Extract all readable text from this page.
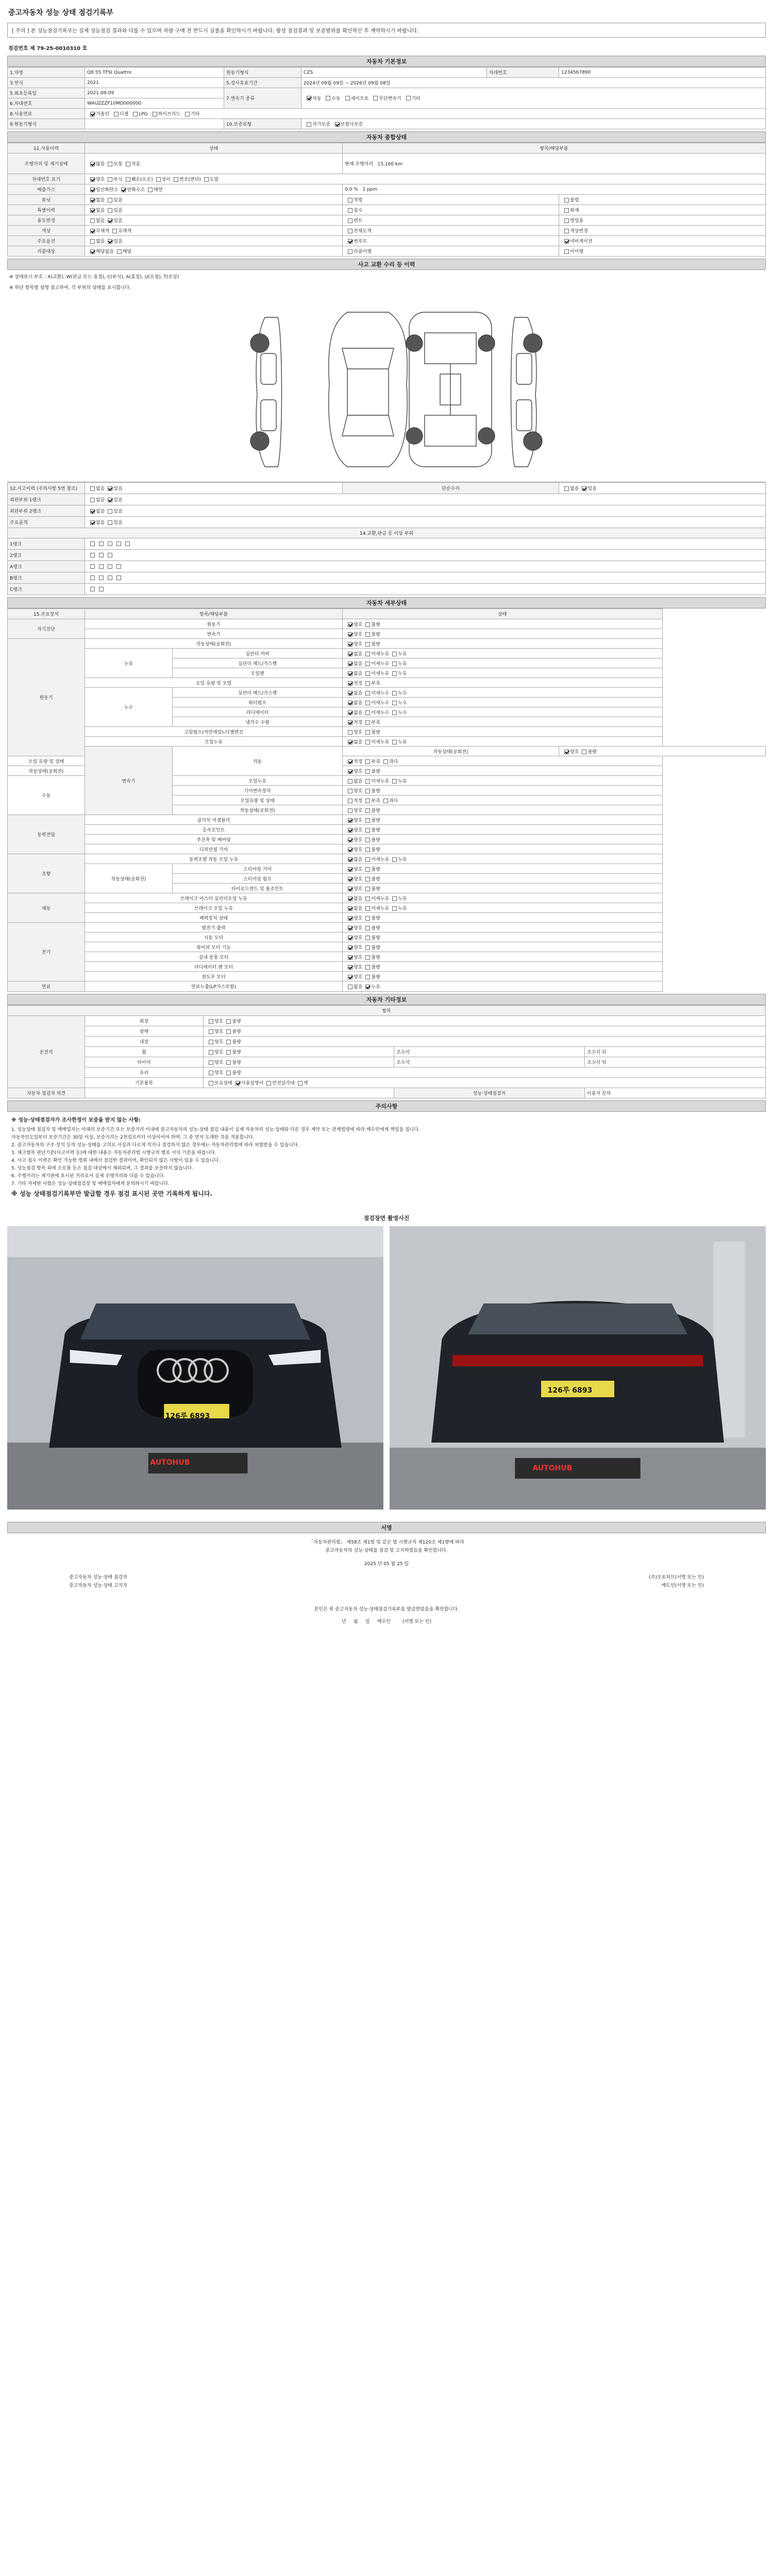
중고자동차 성능 상태 점검기록부
[ 주의 ] 본 성능점검기록부는 실제 성능점검 결과와 다를 수 있으며 차량 구매 전 반드시 실물을 확인하시기 바랍니다. 항상 점검결과 및 보증범위를 확인하신 후 계약하시기 바랍니다.
점검번호 제 79-25-0010310 호
자동차 기본정보
1.차명	Q8 55 TFSI Quattro	원동기형식	CZS	차대번호	1234567890
3.연식	2021	5.검사유효기간	2024년 09월 09일 ~ 2026년 09월 08일		
5.최초등록일	2021-09-09	7.변속기 종류	자동 수동 세미오토 무단변속기 기타		
6.차대번호	WAUZZZF10MD000000				
8.사용연료	가솔린 디젤 LPG 하이브리드 기타				
9.원동기형식		10.보증유형	자가보증 보험사보증		
자동차 종합상태
11.사용이력	상태	항목/해당부품	
주행거리 및 계기상태	많음 보통 적음	현재 주행거리 15,160 km	
차대번호 표기	양호 부식 훼손(오손) 상이 변조(변타) 도말		
배출가스	일산화탄소 탄화수소 매연	0.0 % 1 ppm	
튜닝	없음 있음	적법	불법
특별이력	없음 있음	침수	화재
용도변경	없음 있음	렌트	영업용
색상	무채색 유채색	전체도색	색상변경
주요옵션	없음 있음	썬루프	네비게이션
리콜대상	해당없음 해당	리콜이행	미이행
사고 교환 수리 등 이력
※ 상태표시 부호 : X(교환), W(판금 또는 용접), C(부식), A(흠집), U(요철), T(손상)
※ 하단 항목별 설명 참고하여, 각 부위의 상태를 표시합니다.
12.사고이력 (주의사항 5번 참조)	없음 있음	단순수리	없음 있음
외판부위 1랭크	없음 있음		
외판부위 2랭크	없음 있음		
주요골격	없음 있음		
14.교환,판금 등 이상 부위			
1랭크			
2랭크			
A랭크			
B랭크			
C랭크			
자동차 세부상태
15.주요장치	항목/해당부품		상태	
자기진단	원동기		양호 불량	
	변속기		양호 불량	
원동기	작동상태(공회전)		양호 불량	
	누유	실린더 커버	없음 미세누유 누유	
		실린더 헤드/가스켓	없음 미세누유 누유	
		오일팬	없음 미세누유 누유	
	오일 유량 및 오염		적정 부족	
	누수	실린더 헤드/가스켓	없음 미세누수 누수	
		워터펌프	없음 미세누수 누수	
		라디에이터	없음 미세누수 누수	
		냉각수 수량	적정 부족	
	고압펌프(커먼레일)-디젤엔진		양호 불량	
	오일누유		없음 미세누유 누유	
	변속기	자동	작동상태(공회전)	양호 불량
오일 유량 및 상태			적정 부족 과다	
작동상태(공회전)			양호 불량	
수동		오일누유	없음 미세누유 누유	
		기어변속장치	양호 불량	
		오일유량 및 상태	적정 부족 과다	
		작동상태(공회전)	양호 불량	
동력전달	클러치 어셈블리		양호 불량	
	등속조인트		양호 불량	
	추진축 및 베어링		양호 불량	
	디퍼런셜 기어		양호 불량	
조향	동력조향 작동 오일 누유		없음 미세누유 누유	
	작동상태(공회전)	스티어링 기어	양호 불량	
		스티어링 펌프	양호 불량	
		타이로드엔드 및 볼조인트	양호 불량	
제동	브레이크 마스터 실린더오일 누유		없음 미세누유 누유	
	브레이크 오일 누유		없음 미세누유 누유	
	배력장치 상태		양호 불량	
전기	발전기 출력		양호 불량	
	시동 모터		양호 불량	
	와이퍼 모터 기능		양호 불량	
	실내 송풍 모터		양호 불량	
	라디에이터 팬 모터		양호 불량	
	윈도우 모터		양호 불량	
연료	연료누출(LP가스포함)		없음 누유	
자동차 기타정보
항목				
운전석	외장	양호 불량		
	광택	양호 불량		
	내장	양호 불량		
	휠	양호 불량	조수석	조수석 뒤
	타이어	양호 불량	조수석	조수석 뒤
	유리	양호 불량		
	기본품목	보유상태 사용설명서 안전삼각대 잭		
자동차 점검자 의견			성능·상태점검자	이용자 문의
주의사항
※ 성능·상태점검자가 조사한정이 보증을 받지 않는 사항:

1. 성능상태 점검자 및 매매업자는 아래의 보증기간 또는 보증거리 이내에 중고자동차의 성능·상태 점검 내용이 실제 자동차의 성능·상태와 다른 경우 계약 또는 관계법령에 따라 매수인에게 책임을 집니다.

자동차인도일부터 보증기간은 30일 이상, 보증거리는 2천킬로미터 이상이어야 하며, 그 중 먼저 도래한 것을 적용합니다.

2. 중고자동차의 구조·장치 등의 성능·상태를 고의로 사실과 다르게 적거나 점검하지 않은 경우에는 자동차관리법에 따라 처벌받을 수 있습니다.

3. 체크항목 판단기준(사고이력 등)에 대한 내용은 자동차관리법 시행규칙 별표 서식 기준을 따릅니다.

4. 사고·침수 이력은 확인 가능한 범위 내에서 점검한 결과이며, 확인되지 않은 사항이 있을 수 있습니다.

5. 성능점검 항목 외에 소모품 등은 점검 대상에서 제외되며, 그 결과를 보증하지 않습니다.

6. 주행거리는 계기판에 표시된 거리로서 실제 주행거리와 다를 수 있습니다.

7. 기타 자세한 사항은 성능·상태점검장 및 매매업자에게 문의하시기 바랍니다.

※ 성능 상태점검기록부만 발급할 경우 점검 표시된 곳만 기록하게 됩니다.
점검장면 촬영사진
126루 6893
AUTOHUB
126루 6893
AUTOHUB
서명
「자동차관리법」 제58조 제1항 및 같은 법 시행규칙 제120조 제1항에 따라
중고자동차의 성능·상태를 점검 및 고지하였음을 확인합니다.
2025 년 05 월 25 일
중고자동차 성능·상태 점검자	(주)오토허브(서명 또는 인)
중고자동차 성능·상태 고지자	매도인(서명 또는 인)
본인은 위 중고자동차 성능·상태점검기록부를 발급받았음을 확인합니다.
년 월 일 매수인	(서명 또는 인)
